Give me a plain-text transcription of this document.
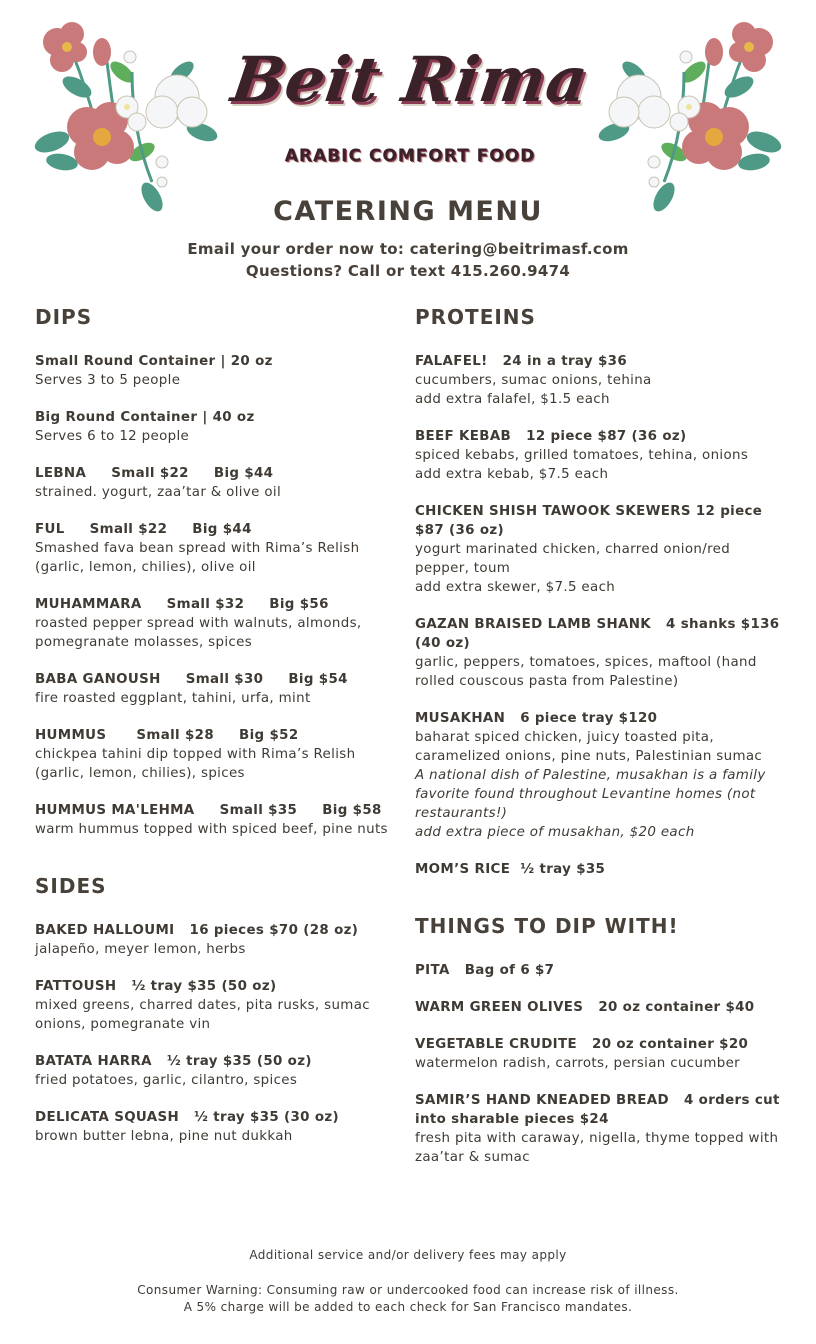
Beit Rima
ARABIC COMFORT FOOD
CATERING MENU
Email your order now to: catering@beitrimasf.com
Questions? Call or text 415.260.9474
DIPS
Small Round Container | 20 oz
Serves 3 to 5 people
Big Round Container | 40 oz
Serves 6 to 12 people
LEBNA     Small $22     Big $44
strained. yogurt, zaa’tar & olive oil
FUL     Small $22     Big $44
Smashed fava bean spread with Rima’s Relish
(garlic, lemon, chilies), olive oil
MUHAMMARA     Small $32     Big $56
roasted pepper spread with walnuts, almonds,
pomegranate molasses, spices
BABA GANOUSH     Small $30     Big $54
fire roasted eggplant, tahini, urfa, mint
HUMMUS      Small $28     Big $52
chickpea tahini dip topped with Rima’s Relish
(garlic, lemon, chilies), spices
HUMMUS MA'LEHMA     Small $35     Big $58
warm hummus topped with spiced beef, pine nuts
SIDES
BAKED HALLOUMI   16 pieces $70 (28 oz)
jalapeño, meyer lemon, herbs
FATTOUSH   ½ tray $35 (50 oz)
mixed greens, charred dates, pita rusks, sumac
onions, pomegranate vin
BATATA HARRA   ½ tray $35 (50 oz)
fried potatoes, garlic, cilantro, spices
DELICATA SQUASH   ½ tray $35 (30 oz)
brown butter lebna, pine nut dukkah
PROTEINS
FALAFEL!   24 in a tray $36
cucumbers, sumac onions, tehina
add extra falafel, $1.5 each
BEEF KEBAB   12 piece $87 (36 oz)
spiced kebabs, grilled tomatoes, tehina, onions
add extra kebab, $7.5 each
CHICKEN SHISH TAWOOK SKEWERS 12 piece $87 (36 oz)
yogurt marinated chicken, charred onion/red pepper, toum
add extra skewer, $7.5 each
GAZAN BRAISED LAMB SHANK   4 shanks $136 (40 oz)
garlic, peppers, tomatoes, spices, maftool (hand rolled couscous pasta from Palestine)
MUSAKHAN   6 piece tray $120
baharat spiced chicken, juicy toasted pita,
caramelized onions, pine nuts, Palestinian sumac
A national dish of Palestine, musakhan is a family favorite found throughout Levantine homes (not restaurants!)
add extra piece of musakhan, $20 each
MOM’S RICE  ½ tray $35
THINGS TO DIP WITH!
PITA   Bag of 6 $7
WARM GREEN OLIVES   20 oz container $40
VEGETABLE CRUDITE   20 oz container $20
watermelon radish, carrots, persian cucumber
SAMIR’S HAND KNEADED BREAD   4 orders cut into sharable pieces $24
fresh pita with caraway, nigella, thyme topped with zaa’tar & sumac
Additional service and/or delivery fees may apply
Consumer Warning: Consuming raw or undercooked food can increase risk of illness.
A 5% charge will be added to each check for San Francisco mandates.
